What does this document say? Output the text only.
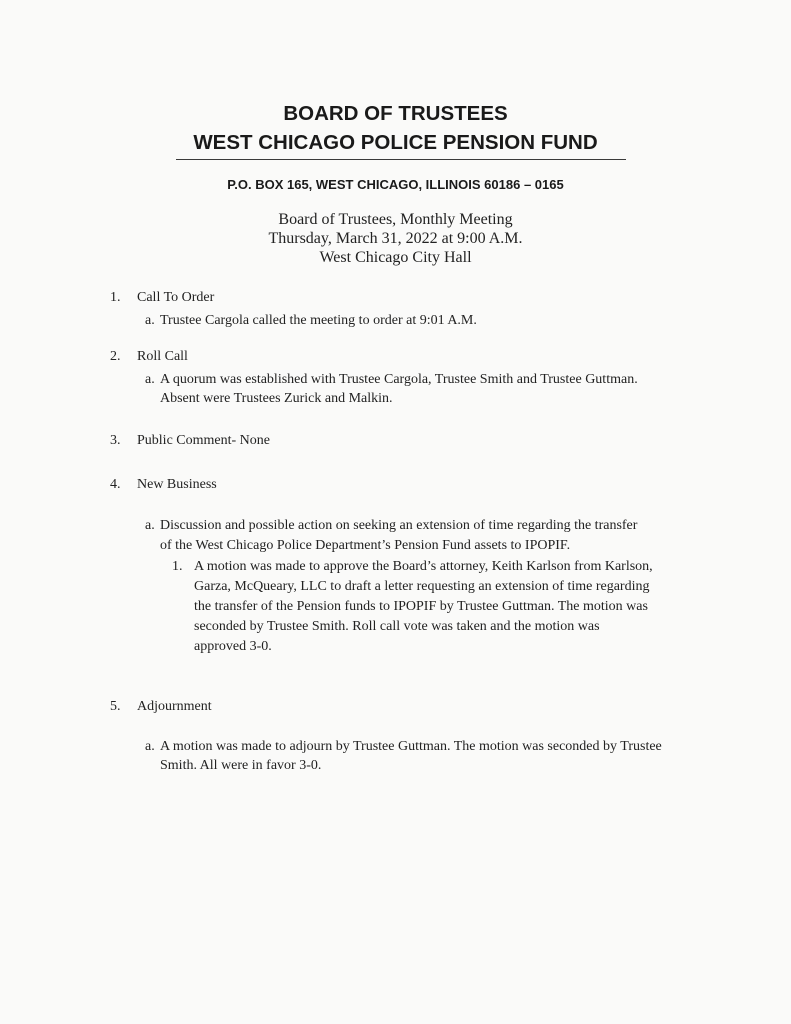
BOARD OF TRUSTEES
WEST CHICAGO POLICE PENSION FUND
P.O. BOX 165, WEST CHICAGO, ILLINOIS 60186 – 0165
Board of Trustees, Monthly Meeting
Thursday, March 31, 2022 at 9:00 A.M.
West Chicago City Hall
1. Call To Order
a. Trustee Cargola called the meeting to order at 9:01 A.M.
2. Roll Call
a. A quorum was established with Trustee Cargola, Trustee Smith and Trustee Guttman.
Absent were Trustees Zurick and Malkin.
3. Public Comment- None
4. New Business
a. Discussion and possible action on seeking an extension of time regarding the transfer
of the West Chicago Police Department’s Pension Fund assets to IPOPIF.
1. A motion was made to approve the Board’s attorney, Keith Karlson from Karlson,
Garza, McQueary, LLC to draft a letter requesting an extension of time regarding
the transfer of the Pension funds to IPOPIF by Trustee Guttman. The motion was
seconded by Trustee Smith. Roll call vote was taken and the motion was
approved 3-0.
5. Adjournment
a. A motion was made to adjourn by Trustee Guttman. The motion was seconded by Trustee
Smith. All were in favor 3-0.
